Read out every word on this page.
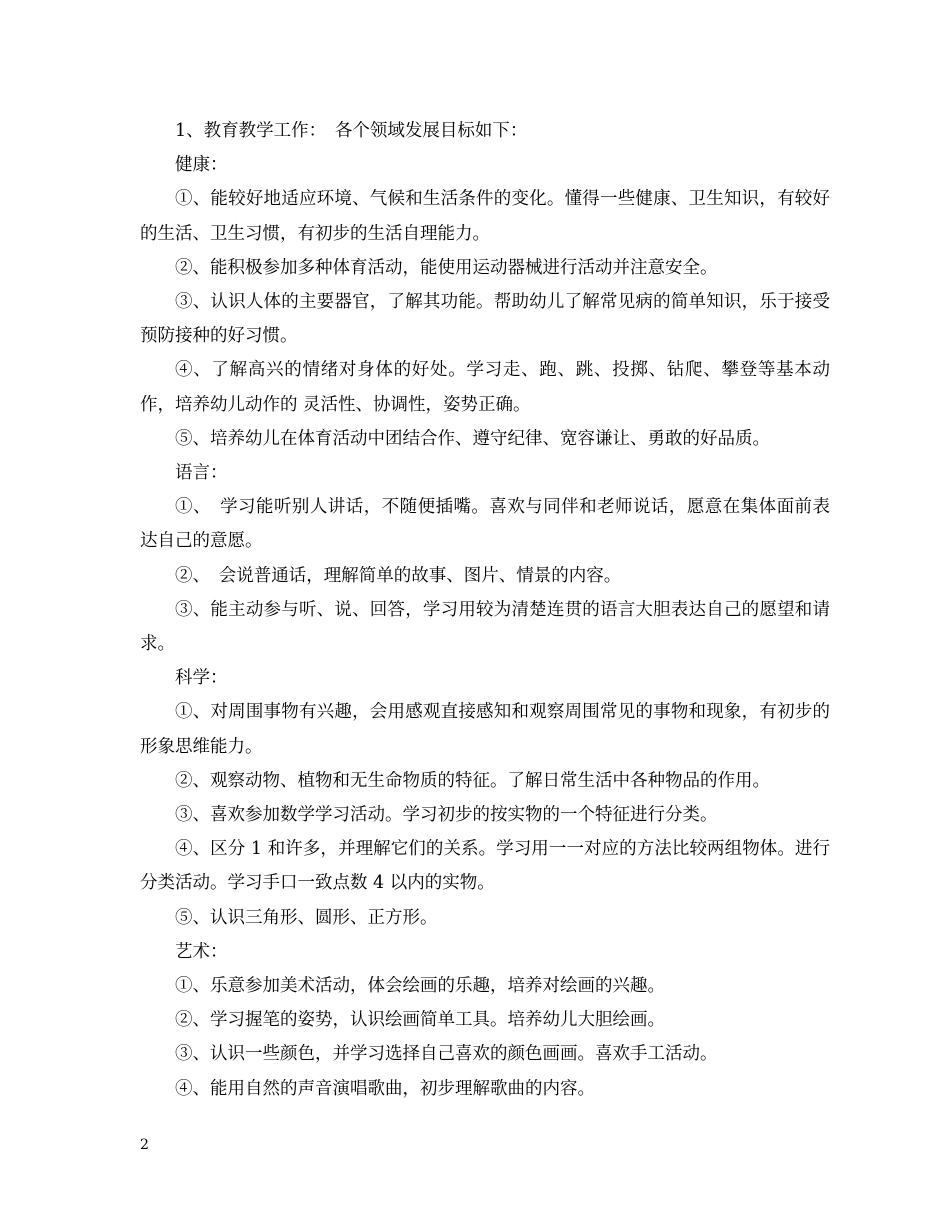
1、教育教学工作：　各个领域发展目标如下：

健康：

①、能较好地适应环境、气候和生活条件的变化。懂得一些健康、卫生知识，有较好的生活、卫生习惯，有初步的生活自理能力。

②、能积极参加多种体育活动，能使用运动器械进行活动并注意安全。

③、认识人体的主要器官，了解其功能。帮助幼儿了解常见病的简单知识，乐于接受预防接种的好习惯。

④、了解高兴的情绪对身体的好处。学习走、跑、跳、投掷、钻爬、攀登等基本动作，培养幼儿动作的 灵活性、协调性，姿势正确。

⑤、培养幼儿在体育活动中团结合作、遵守纪律、宽容谦让、勇敢的好品质。

语言：

①、　学习能听别人讲话，不随便插嘴。喜欢与同伴和老师说话，愿意在集体面前表达自己的意愿。

②、　会说普通话，理解简单的故事、图片、情景的内容。

③、能主动参与听、说、回答，学习用较为清楚连贯的语言大胆表达自己的愿望和请求。

科学：

①、对周围事物有兴趣，会用感观直接感知和观察周围常见的事物和现象，有初步的形象思维能力。

②、观察动物、植物和无生命物质的特征。了解日常生活中各种物品的作用。

③、喜欢参加数学学习活动。学习初步的按实物的一个特征进行分类。

④、区分 1 和许多，并理解它们的关系。学习用一一对应的方法比较两组物体。进行分类活动。学习手口一致点数 4 以内的实物。

⑤、认识三角形、圆形、正方形。

艺术：

①、乐意参加美术活动，体会绘画的乐趣，培养对绘画的兴趣。

②、学习握笔的姿势，认识绘画简单工具。培养幼儿大胆绘画。

③、认识一些颜色，并学习选择自己喜欢的颜色画画。喜欢手工活动。

④、能用自然的声音演唱歌曲，初步理解歌曲的内容。

2
